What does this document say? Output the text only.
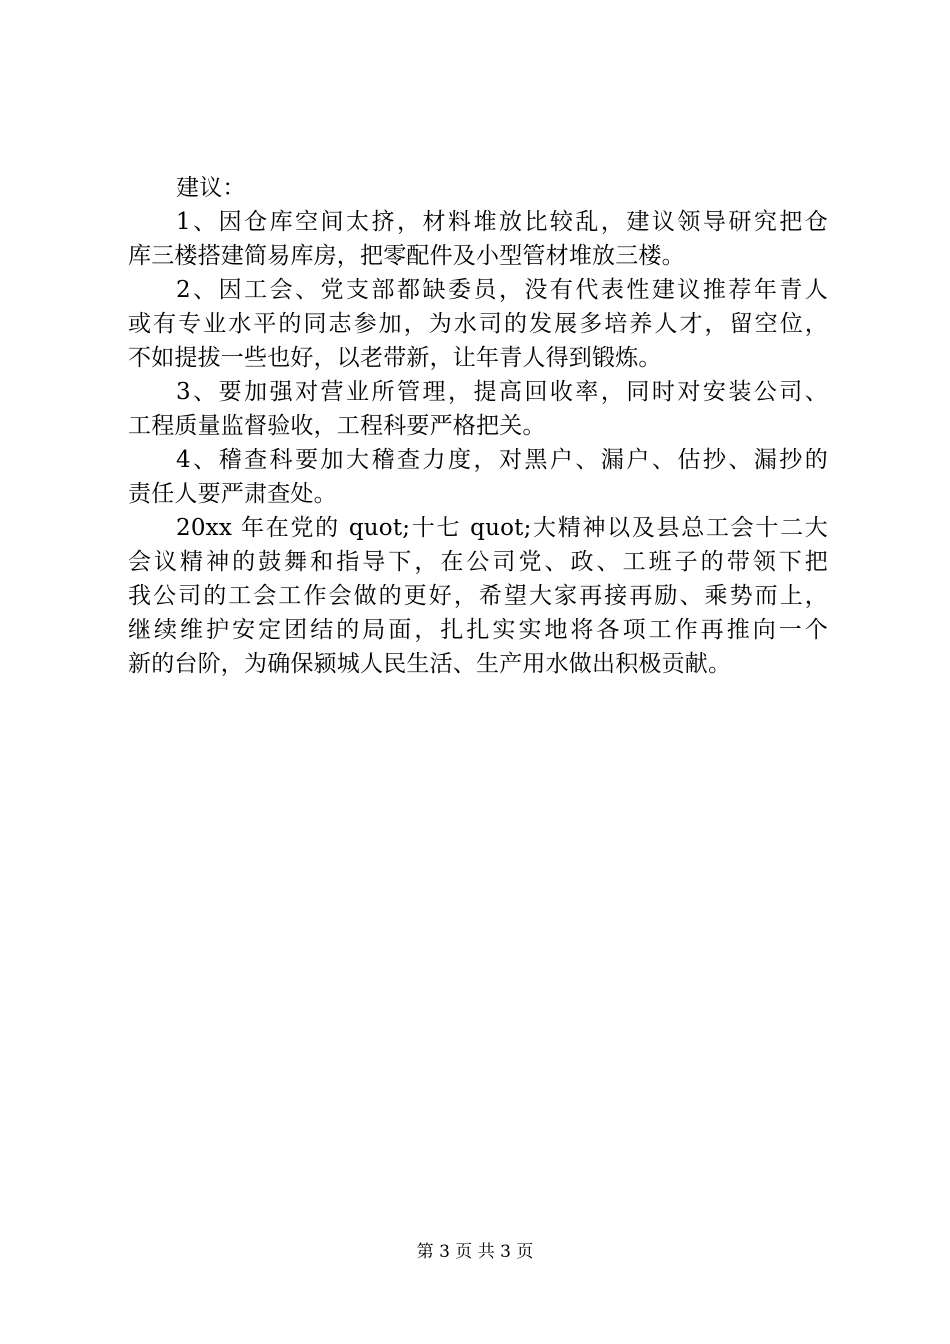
建议：
1、因仓库空间太挤，材料堆放比较乱，建议领导研究把仓
库三楼搭建简易库房，把零配件及小型管材堆放三楼。
2、因工会、党支部都缺委员，没有代表性建议推荐年青人
或有专业水平的同志参加，为水司的发展多培养人才，留空位，
不如提拔一些也好，以老带新，让年青人得到锻炼。
3、要加强对营业所管理，提高回收率，同时对安装公司、
工程质量监督验收，工程科要严格把关。
4、稽查科要加大稽查力度，对黑户、漏户、估抄、漏抄的
责任人要严肃查处。
20xx 年在党的 quot;十七 quot;大精神以及县总工会十二大
会议精神的鼓舞和指导下，在公司党、政、工班子的带领下把
我公司的工会工作会做的更好，希望大家再接再励、乘势而上，
继续维护安定团结的局面，扎扎实实地将各项工作再推向一个
新的台阶，为确保颍城人民生活、生产用水做出积极贡献。
第 3 页 共 3 页
